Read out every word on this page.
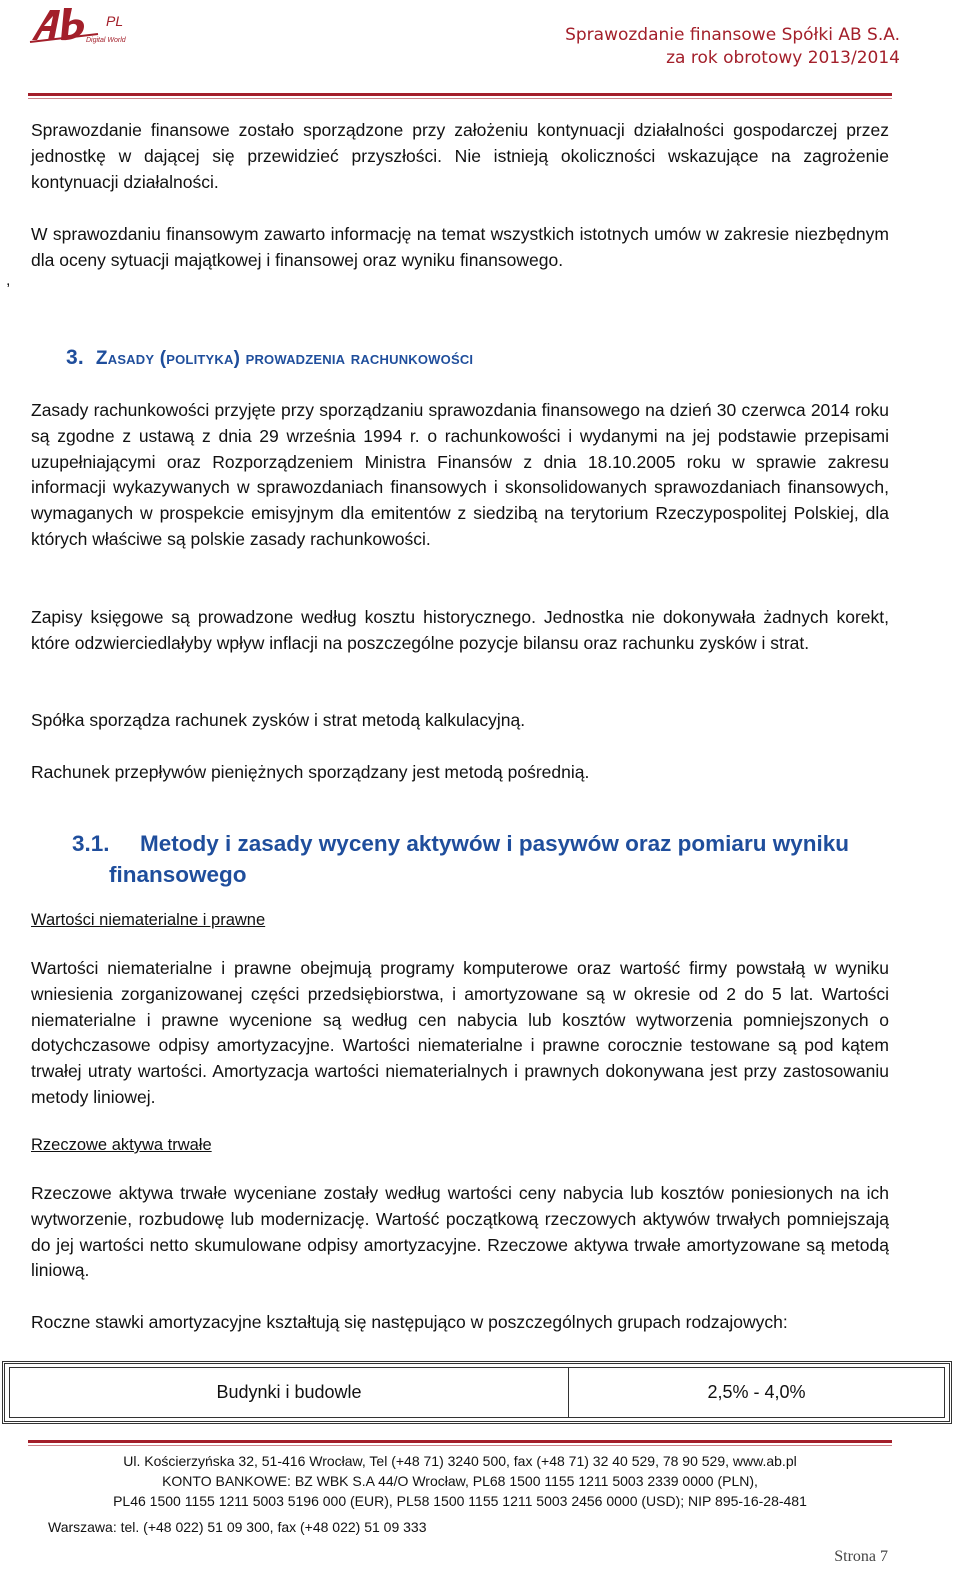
PL
Digital World	Sprawozdanie finansowe Spółki AB S.A.
za rok obrotowy 2013/2014

Sprawozdanie finansowe zostało sporządzone przy założeniu kontynuacji działalności gospodarczej przez jednostkę w dającej się przewidzieć przyszłości. Nie istnieją okoliczności wskazujące na zagrożenie kontynuacji działalności.

W sprawozdaniu finansowym zawarto informację na temat wszystkich istotnych umów w zakresie niezbędnym dla oceny sytuacji majątkowej i finansowej oraz wyniku finansowego.

,
3. Zasady (polityka) prowadzenia rachunkowości

Zasady rachunkowości przyjęte przy sporządzaniu sprawozdania finansowego na dzień 30 czerwca 2014 roku są zgodne z ustawą z dnia 29 września 1994 r. o rachunkowości i wydanymi na jej podstawie przepisami uzupełniającymi oraz Rozporządzeniem Ministra Finansów z dnia 18.10.2005 roku w sprawie zakresu informacji wykazywanych w sprawozdaniach finansowych i skonsolidowanych sprawozdaniach finansowych, wymaganych w prospekcie emisyjnym dla emitentów z siedzibą na terytorium Rzeczypospolitej Polskiej, dla których właściwe są polskie zasady rachunkowości.

Zapisy księgowe są prowadzone według kosztu historycznego. Jednostka nie dokonywała żadnych korekt, które odzwierciedlałyby wpływ inflacji na poszczególne pozycje bilansu oraz rachunku zysków i strat.

Spółka sporządza rachunek zysków i strat metodą kalkulacyjną.

Rachunek przepływów pieniężnych sporządzany jest metodą pośrednią.

3.1. Metody i zasady wyceny aktywów i pasywów oraz pomiaru wyniku finansowego

Wartości niematerialne i prawne

Wartości niematerialne i prawne obejmują programy komputerowe oraz wartość firmy powstałą w wyniku wniesienia zorganizowanej części przedsiębiorstwa, i amortyzowane są w okresie od 2 do 5 lat. Wartości niematerialne i prawne wycenione są według cen nabycia lub kosztów wytworzenia pomniejszonych o dotychczasowe odpisy amortyzacyjne. Wartości niematerialne i prawne corocznie testowane są pod kątem trwałej utraty wartości. Amortyzacja wartości niematerialnych i prawnych dokonywana jest przy zastosowaniu metody liniowej.

Rzeczowe aktywa trwałe

Rzeczowe aktywa trwałe wyceniane zostały według wartości ceny nabycia lub kosztów poniesionych na ich wytworzenie, rozbudowę lub modernizację. Wartość początkową rzeczowych aktywów trwałych pomniejszają do jej wartości netto skumulowane odpisy amortyzacyjne. Rzeczowe aktywa trwałe amortyzowane są metodą liniową.

Roczne stawki amortyzacyjne kształtują się następująco w poszczególnych grupach rodzajowych:

Budynki i budowle	2,5% - 4,0%

Ul. Kościerzyńska 32, 51-416 Wrocław, Tel (+48 71) 3240 500, fax (+48 71) 32 40 529, 78 90 529, www.ab.pl

KONTO BANKOWE: BZ WBK S.A 44/O Wrocław, PL68 1500 1155 1211 5003 2339 0000 (PLN),

PL46 1500 1155 1211 5003 5196 000 (EUR), PL58 1500 1155 1211 5003 2456 0000 (USD); NIP 895-16-28-481

Warszawa: tel. (+48 022) 51 09 300, fax (+48 022) 51 09 333

Strona 7
